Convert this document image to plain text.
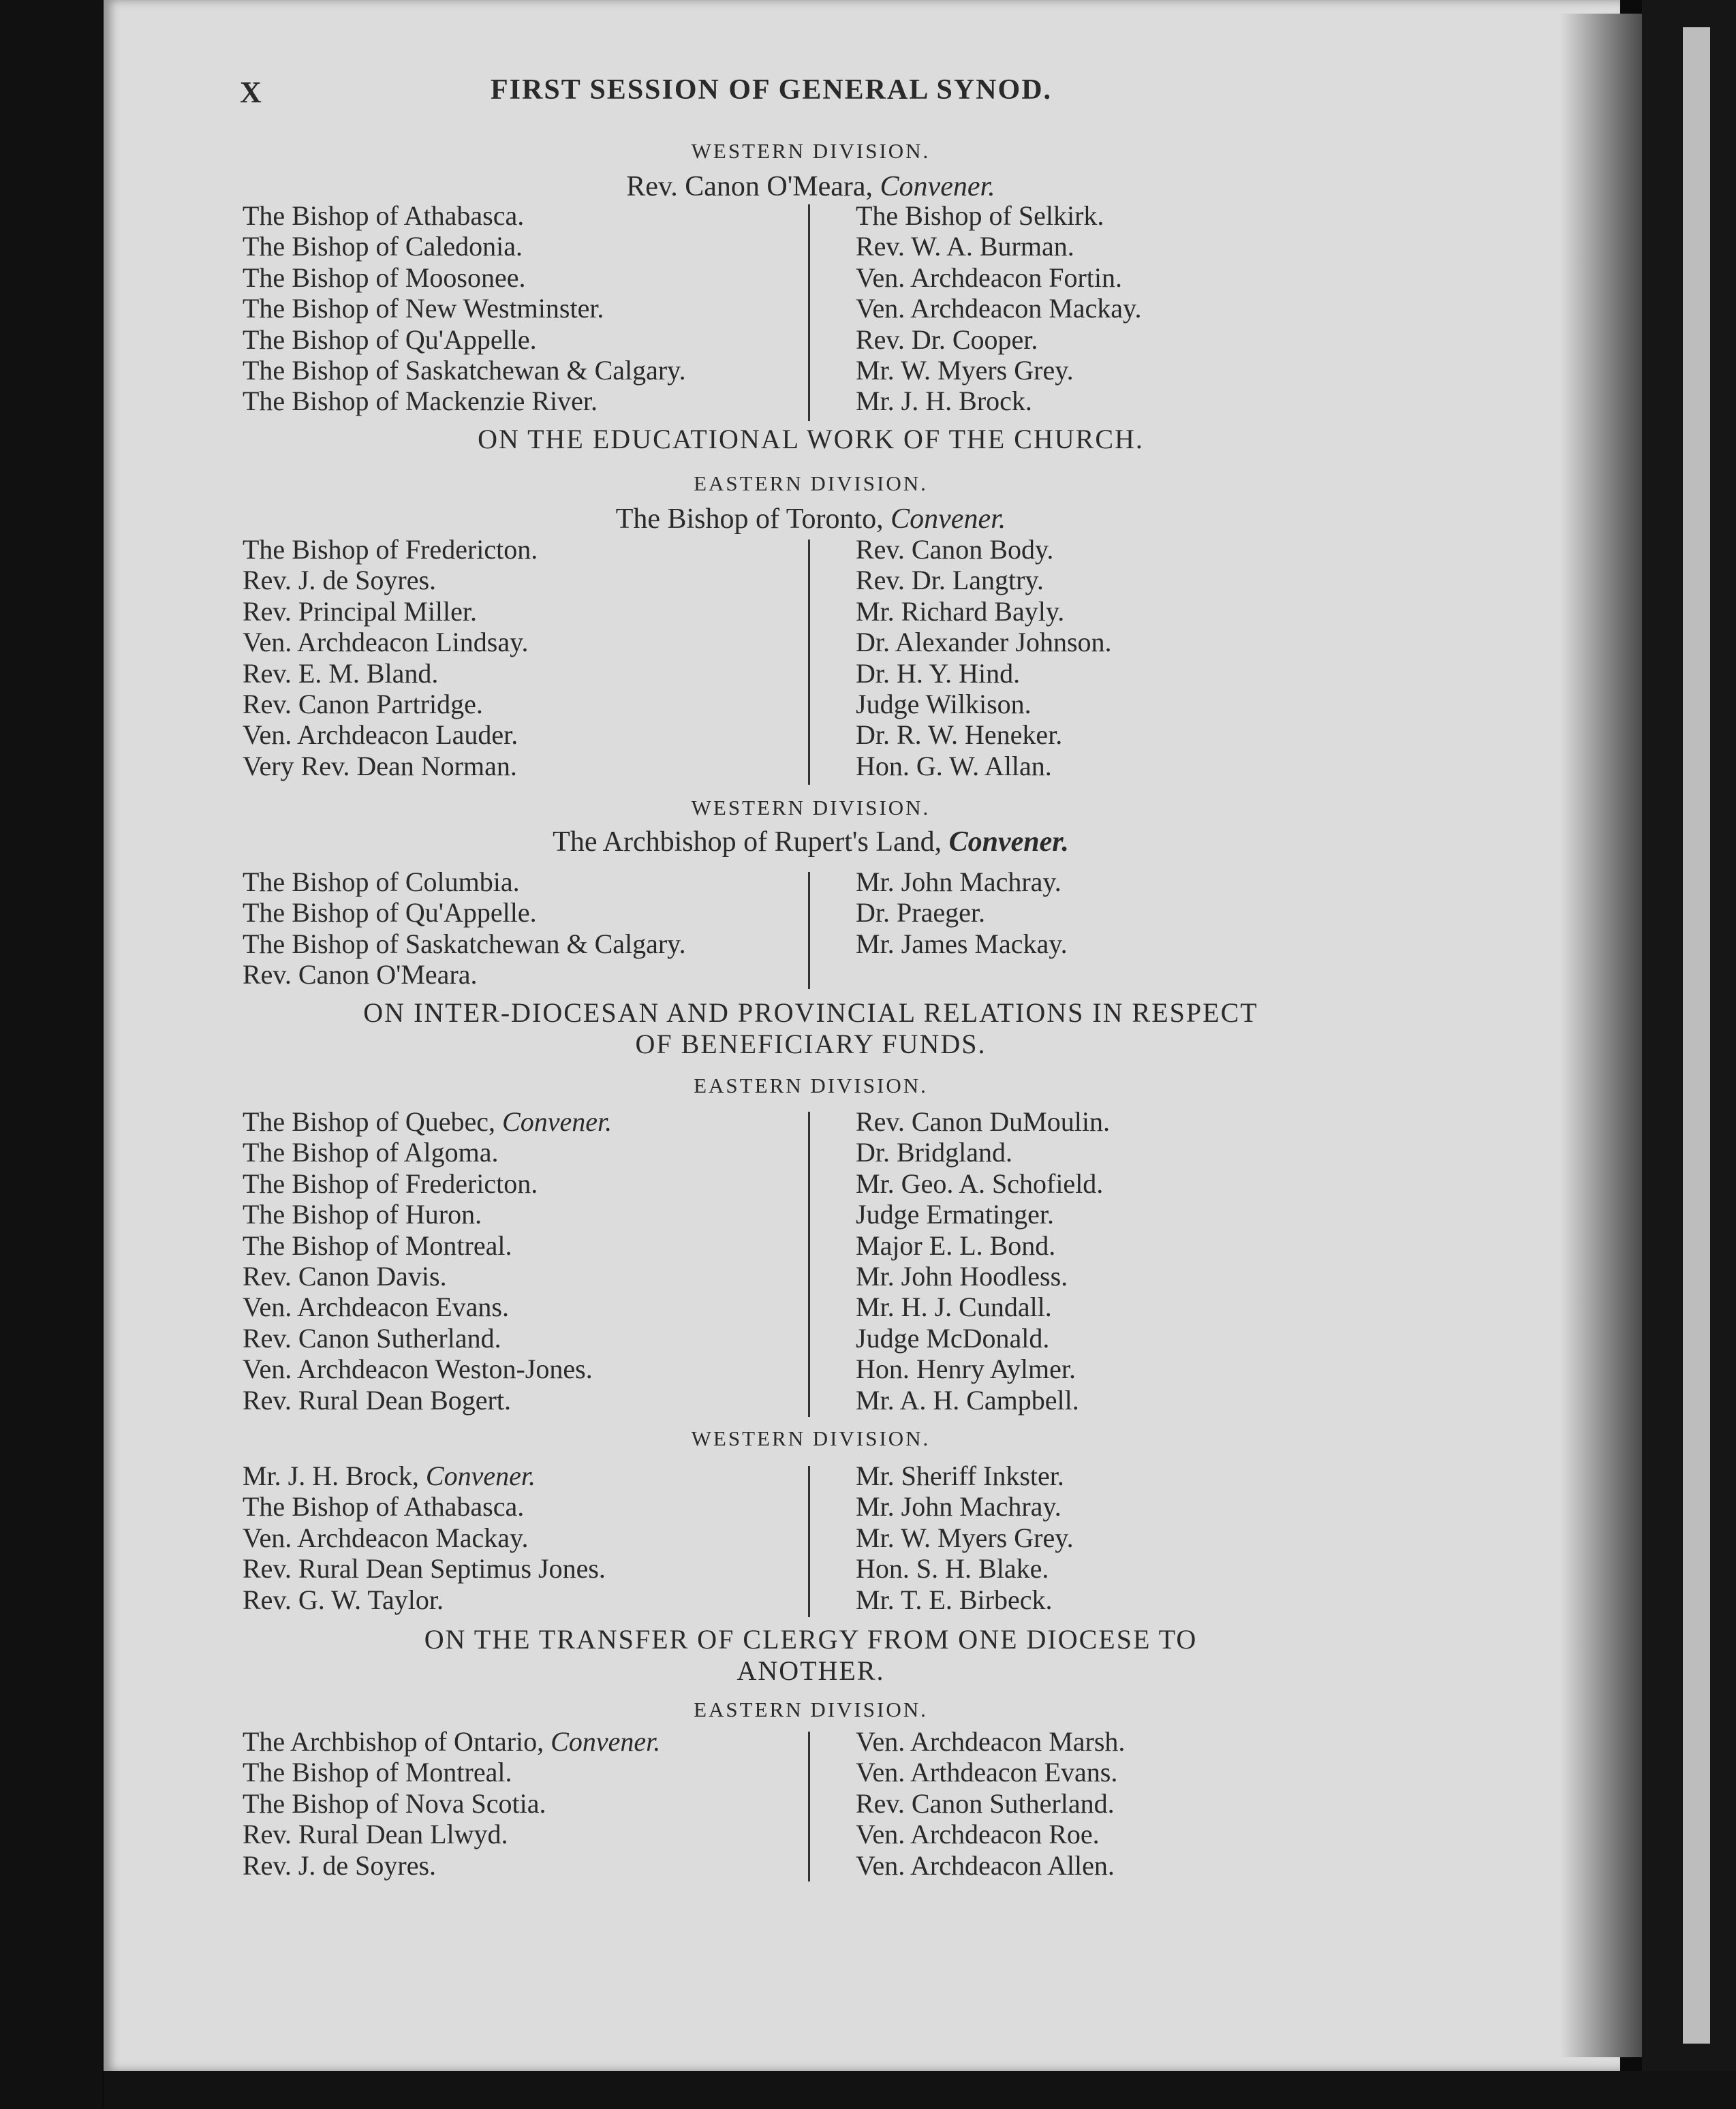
X	FIRST SESSION OF GENERAL SYNOD.
WESTERN DIVISION.
Rev. Canon O'Meara, Convener.
The Bishop of Athabasca.
The Bishop of Caledonia.
The Bishop of Moosonee.
The Bishop of New Westminster.
The Bishop of Qu'Appelle.
The Bishop of Saskatchewan & Calgary.
The Bishop of Mackenzie River.
The Bishop of Selkirk.
Rev. W. A. Burman.
Ven. Archdeacon Fortin.
Ven. Archdeacon Mackay.
Rev. Dr. Cooper.
Mr. W. Myers Grey.
Mr. J. H. Brock.
ON THE EDUCATIONAL WORK OF THE CHURCH.
EASTERN DIVISION.
The Bishop of Toronto, Convener.
The Bishop of Fredericton.
Rev. J. de Soyres.
Rev. Principal Miller.
Ven. Archdeacon Lindsay.
Rev. E. M. Bland.
Rev. Canon Partridge.
Ven. Archdeacon Lauder.
Very Rev. Dean Norman.
Rev. Canon Body.
Rev. Dr. Langtry.
Mr. Richard Bayly.
Dr. Alexander Johnson.
Dr. H. Y. Hind.
Judge Wilkison.
Dr. R. W. Heneker.
Hon. G. W. Allan.
WESTERN DIVISION.
The Archbishop of Rupert's Land, Convener.
The Bishop of Columbia.
The Bishop of Qu'Appelle.
The Bishop of Saskatchewan & Calgary.
Rev. Canon O'Meara.
Mr. John Machray.
Dr. Praeger.
Mr. James Mackay.
ON INTER-DIOCESAN AND PROVINCIAL RELATIONS IN RESPECT
OF BENEFICIARY FUNDS.
EASTERN DIVISION.
The Bishop of Quebec, Convener.
The Bishop of Algoma.
The Bishop of Fredericton.
The Bishop of Huron.
The Bishop of Montreal.
Rev. Canon Davis.
Ven. Archdeacon Evans.
Rev. Canon Sutherland.
Ven. Archdeacon Weston-Jones.
Rev. Rural Dean Bogert.
Rev. Canon DuMoulin.
Dr. Bridgland.
Mr. Geo. A. Schofield.
Judge Ermatinger.
Major E. L. Bond.
Mr. John Hoodless.
Mr. H. J. Cundall.
Judge McDonald.
Hon. Henry Aylmer.
Mr. A. H. Campbell.
WESTERN DIVISION.
Mr. J. H. Brock, Convener.
The Bishop of Athabasca.
Ven. Archdeacon Mackay.
Rev. Rural Dean Septimus Jones.
Rev. G. W. Taylor.
Mr. Sheriff Inkster.
Mr. John Machray.
Mr. W. Myers Grey.
Hon. S. H. Blake.
Mr. T. E. Birbeck.
ON THE TRANSFER OF CLERGY FROM ONE DIOCESE TO
ANOTHER.
EASTERN DIVISION.
The Archbishop of Ontario, Convener.
The Bishop of Montreal.
The Bishop of Nova Scotia.
Rev. Rural Dean Llwyd.
Rev. J. de Soyres.
Ven. Archdeacon Marsh.
Ven. Arthdeacon Evans.
Rev. Canon Sutherland.
Ven. Archdeacon Roe.
Ven. Archdeacon Allen.
